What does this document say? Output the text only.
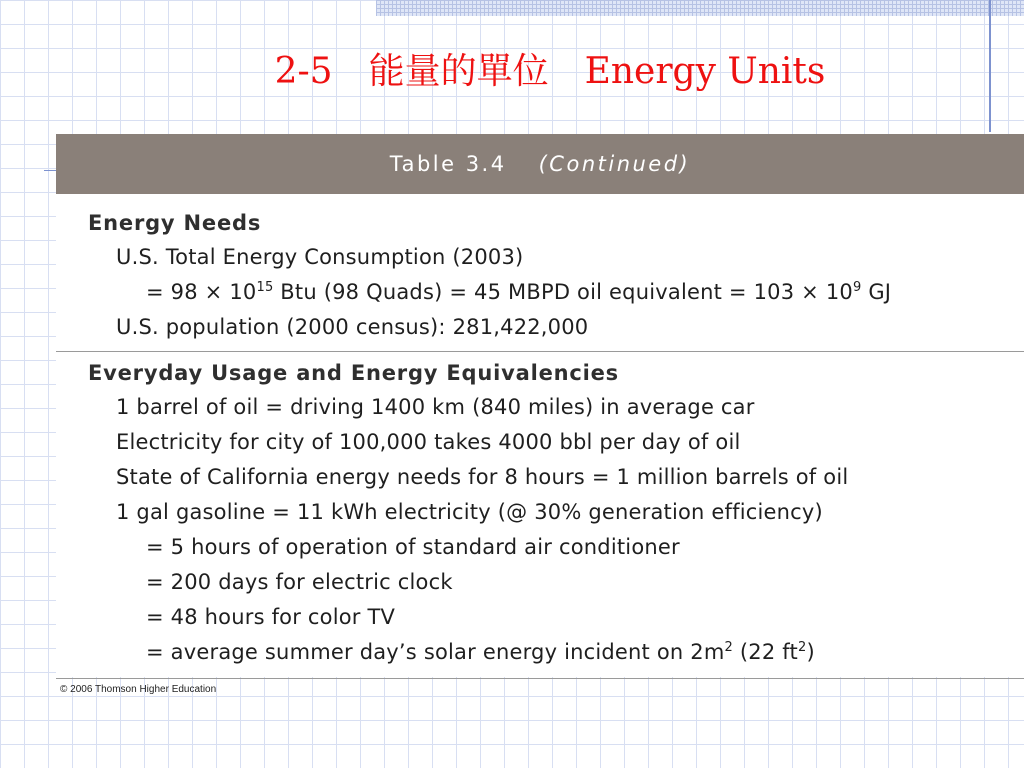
2-5　能量的單位　Energy Units
Table 3.4 (Continued)
Energy Needs
U.S. Total Energy Consumption (2003)
= $98 \times 10^{15}$ Btu (98 Quads) = 45 MBPD oil equivalent = $103 \times 10^9$ GJ
U.S. population (2000 census): 281,422,000
Everyday Usage and Energy Equivalencies
1 barrel of oil = driving 1400 km (840 miles) in average car
Electricity for city of 100,000 takes 4000 bbl per day of oil
State of California energy needs for 8 hours = 1 million barrels of oil
1 gal gasoline = 11 kWh electricity (@ 30% generation efficiency)
= 5 hours of operation of standard air conditioner
= 200 days for electric clock
= 48 hours for color TV
= average summer day’s solar energy incident on $2m^2$ (22 $ft^2$)
© 2006 Thomson Higher Education
